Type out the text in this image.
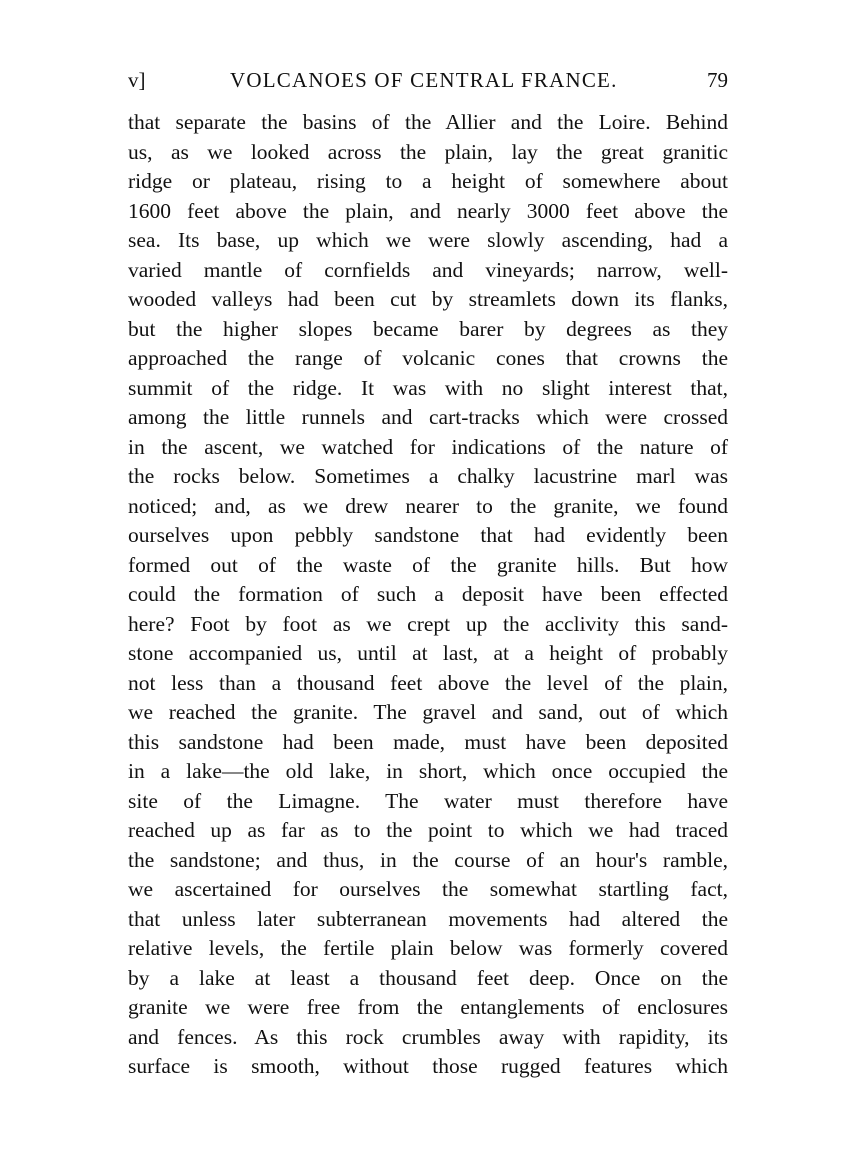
v]	VOLCANOES OF CENTRAL FRANCE.	79
that separate the basins of the Allier and the Loire. Behind
us, as we looked across the plain, lay the great granitic
ridge or plateau, rising to a height of somewhere about
1600 feet above the plain, and nearly 3000 feet above the
sea. Its base, up which we were slowly ascending, had a
varied mantle of cornfields and vineyards; narrow, well-
wooded valleys had been cut by streamlets down its flanks,
but the higher slopes became barer by degrees as they
approached the range of volcanic cones that crowns the
summit of the ridge. It was with no slight interest that,
among the little runnels and cart-tracks which were crossed
in the ascent, we watched for indications of the nature of
the rocks below. Sometimes a chalky lacustrine marl was
noticed; and, as we drew nearer to the granite, we found
ourselves upon pebbly sandstone that had evidently been
formed out of the waste of the granite hills. But how
could the formation of such a deposit have been effected
here? Foot by foot as we crept up the acclivity this sand-
stone accompanied us, until at last, at a height of probably
not less than a thousand feet above the level of the plain,
we reached the granite. The gravel and sand, out of which
this sandstone had been made, must have been deposited
in a lake—the old lake, in short, which once occupied the
site of the Limagne. The water must therefore have
reached up as far as to the point to which we had traced
the sandstone; and thus, in the course of an hour's ramble,
we ascertained for ourselves the somewhat startling fact,
that unless later subterranean movements had altered the
relative levels, the fertile plain below was formerly covered
by a lake at least a thousand feet deep. Once on the
granite we were free from the entanglements of enclosures
and fences. As this rock crumbles away with rapidity, its
surface is smooth, without those rugged features which
